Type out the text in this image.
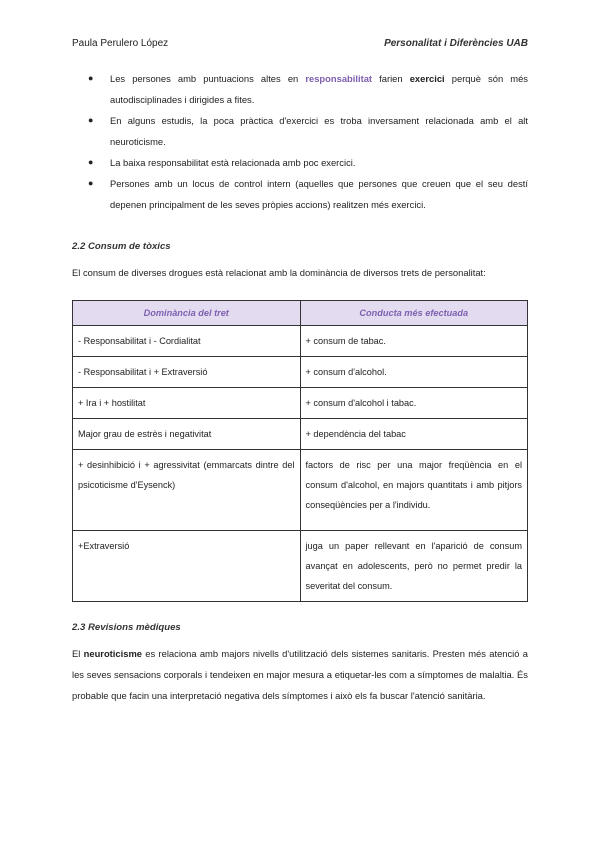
Paula Perulero López	Personalitat i Diferències UAB
● Les persones amb puntuacions altes en responsabilitat farien exercici perquè són més autodisciplinades i dirigides a fites.
● En alguns estudis, la poca pràctica d'exercici es troba inversament relacionada amb el alt neuroticisme.
● La baixa responsabilitat està relacionada amb poc exercici.
● Persones amb un locus de control intern (aquelles que persones que creuen que el seu destí depenen principalment de les seves pròpies accions) realitzen més exercici.
2.2 Consum de tòxics

El consum de diverses drogues està relacionat amb la dominància de diversos trets de personalitat:

Dominància del tret	Conducta més efectuada
- Responsabilitat i - Cordialitat	+ consum de tabac.
- Responsabilitat i + Extraversió	+ consum d'alcohol.
+ Ira i + hostilitat	+ consum d'alcohol i tabac.
Major grau de estrès i negativitat	+ dependència del tabac
+ desinhibició i + agressivitat (emmarcats dintre del psicoticisme d'Eysenck)	factors de risc per una major freqüència en el consum d'alcohol, en majors quantitats i amb pitjors conseqüències per a l'individu.
+Extraversió	juga un paper rellevant en l'aparició de consum avançat en adolescents, però no permet predir la severitat del consum.
2.3 Revisions mèdiques

El neuroticisme es relaciona amb majors nivells d'utilització dels sistemes sanitaris. Presten més atenció a les seves sensacions corporals i tendeixen en major mesura a etiquetar-les com a símptomes de malaltia. És probable que facin una interpretació negativa dels símptomes i això els fa buscar l'atenció sanitària.
